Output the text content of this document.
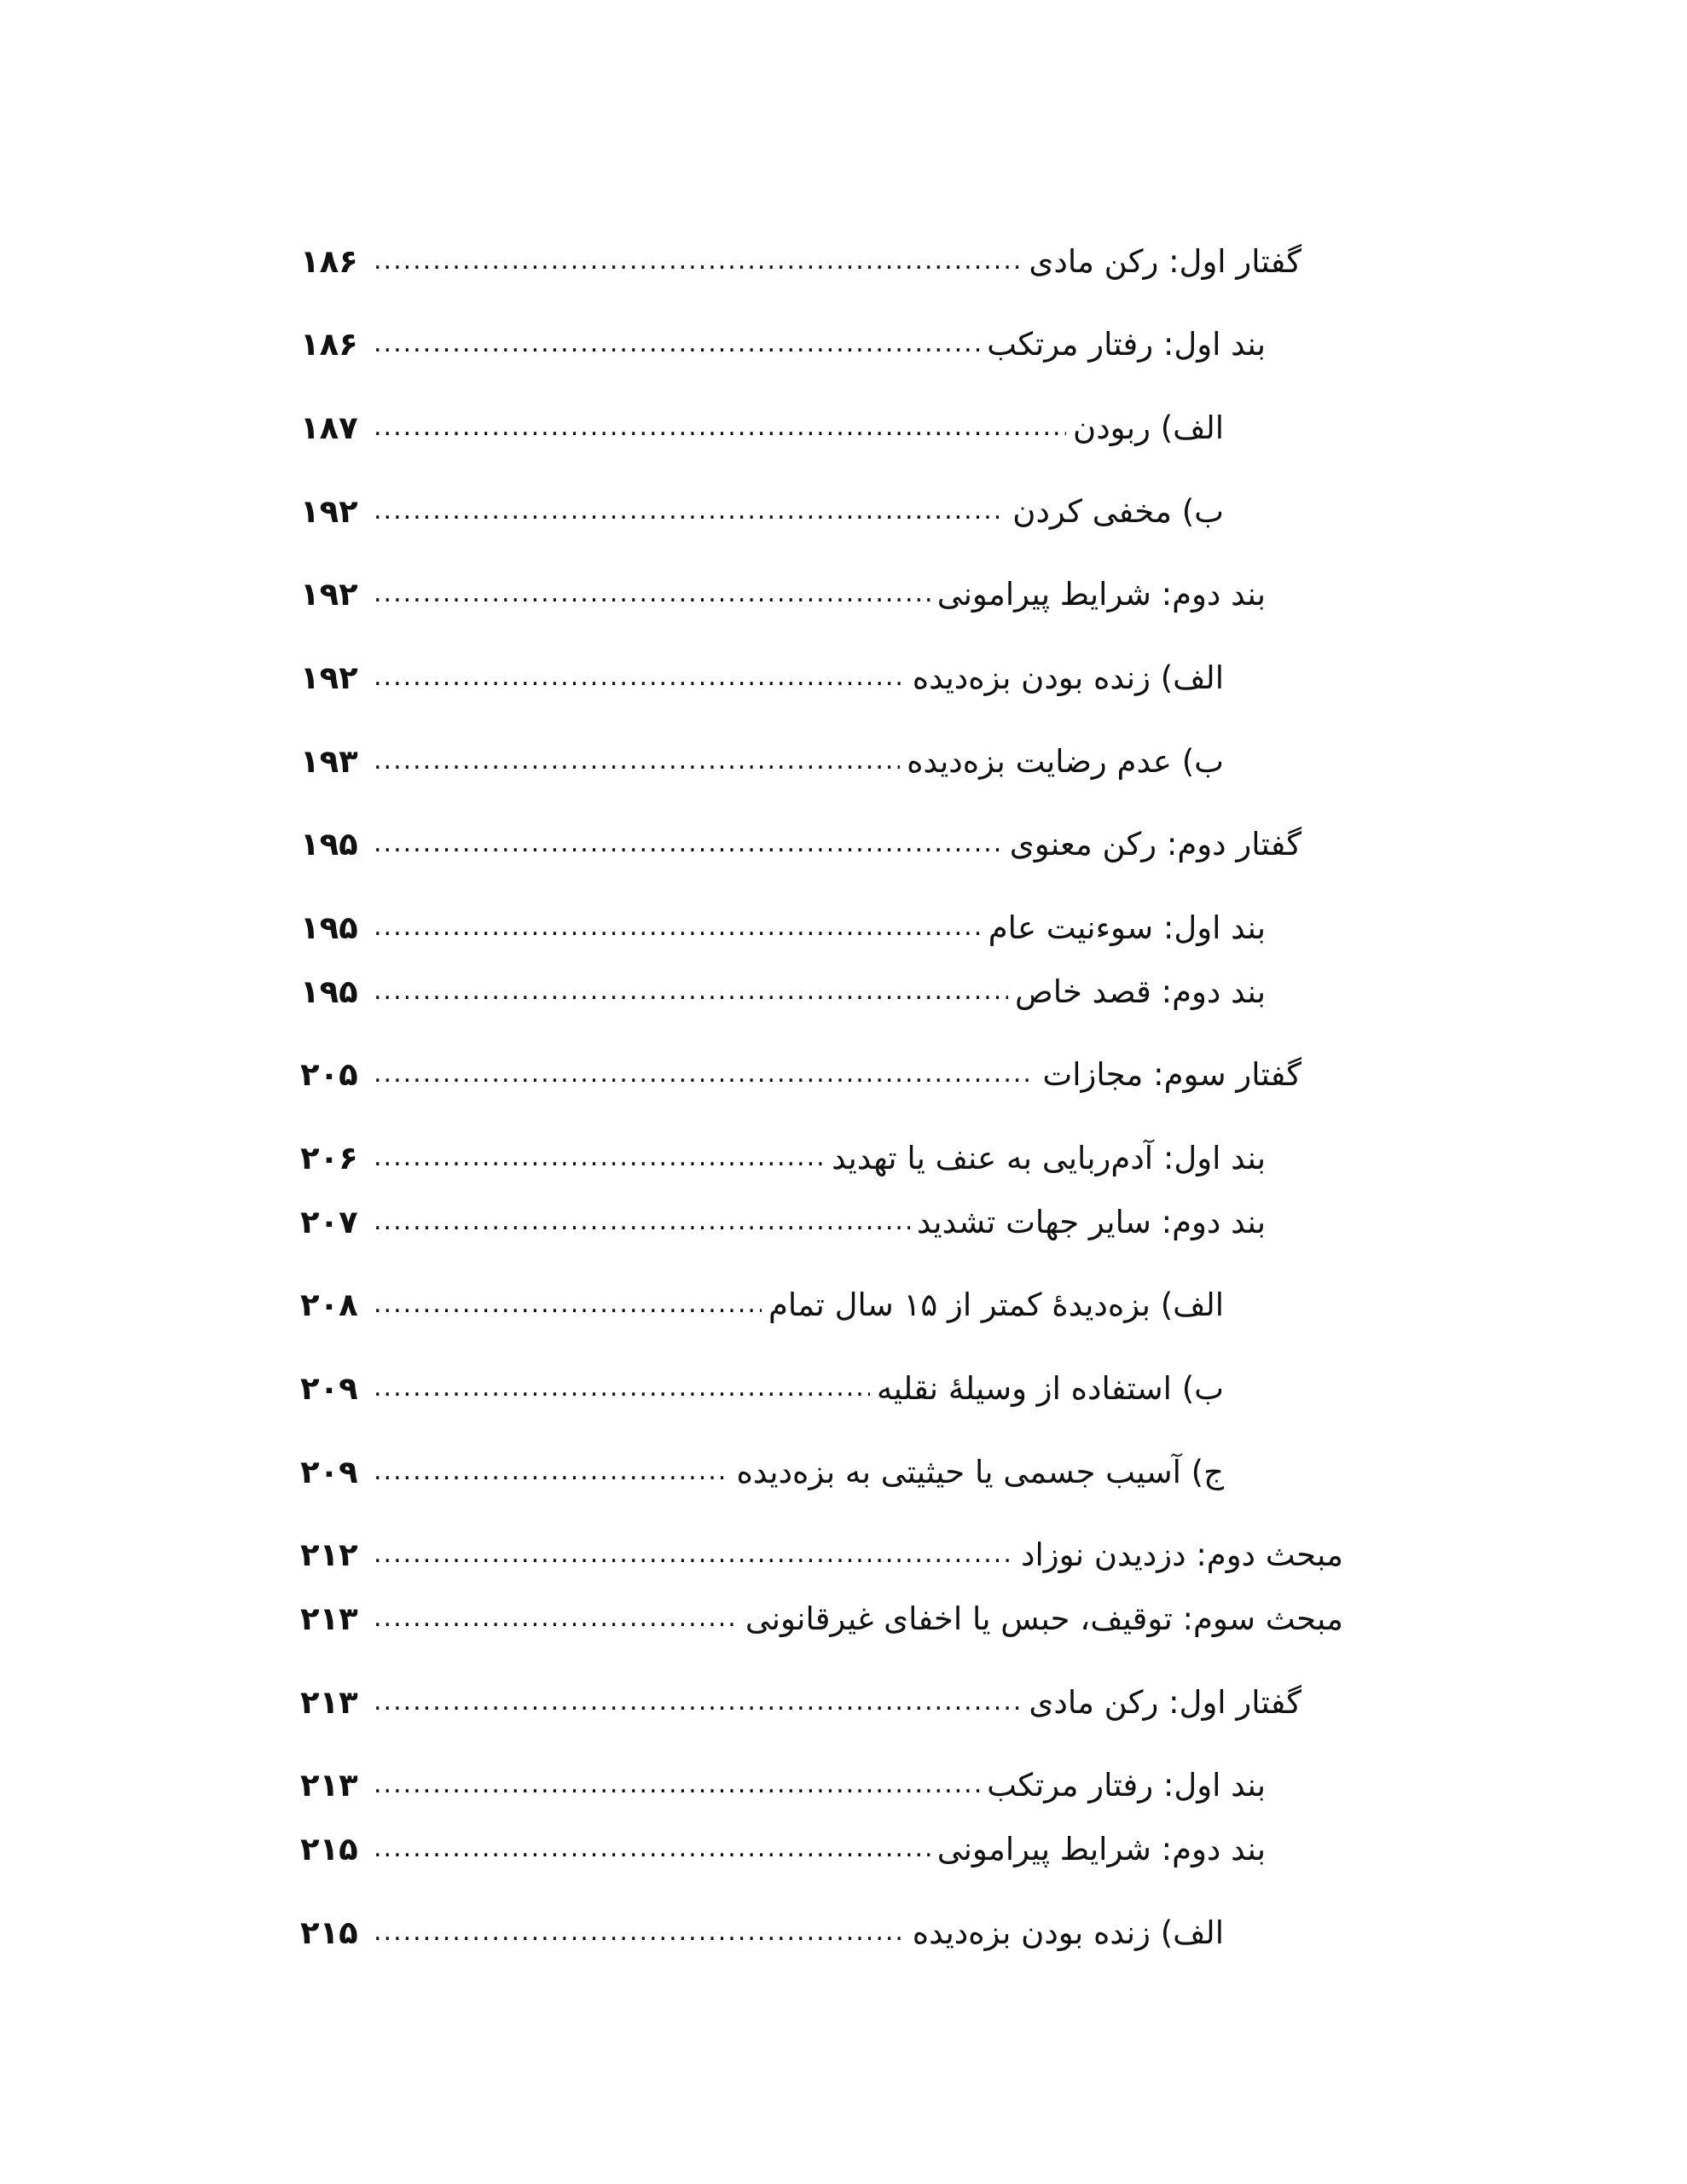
گفتار اول: رکن مادی
.....
۱۸۶
بند اول: رفتار مرتکب
.....
۱۸۶
الف) ربودن
.....
۱۸۷
ب) مخفی کردن
.....
۱۹۲
بند دوم: شرایط پیرامونی
.....
۱۹۲
الف) زنده بودن بزه‌دیده
.....
۱۹۲
ب) عدم رضایت بزه‌دیده
.....
۱۹۳
گفتار دوم: رکن معنوی
.....
۱۹۵
بند اول: سوءنیت عام
.....
۱۹۵
بند دوم: قصد خاص
.....
۱۹۵
گفتار سوم: مجازات
.....
۲۰۵
بند اول: آدم‌ربایی به عنف یا تهدید
.....
۲۰۶
بند دوم: سایر جهات تشدید
.....
۲۰۷
الف) بزه‌دیدهٔ کمتر از ۱۵ سال تمام
.....
۲۰۸
ب) استفاده از وسیلهٔ نقلیه
.....
۲۰۹
ج) آسیب جسمی یا حیثیتی به بزه‌دیده
.....
۲۰۹
مبحث دوم: دزدیدن نوزاد
.....
۲۱۲
مبحث سوم: توقیف، حبس یا اخفای غیرقانونی
.....
۲۱۳
گفتار اول: رکن مادی
.....
۲۱۳
بند اول: رفتار مرتکب
.....
۲۱۳
بند دوم: شرایط پیرامونی
.....
۲۱۵
الف) زنده بودن بزه‌دیده
.....
۲۱۵
